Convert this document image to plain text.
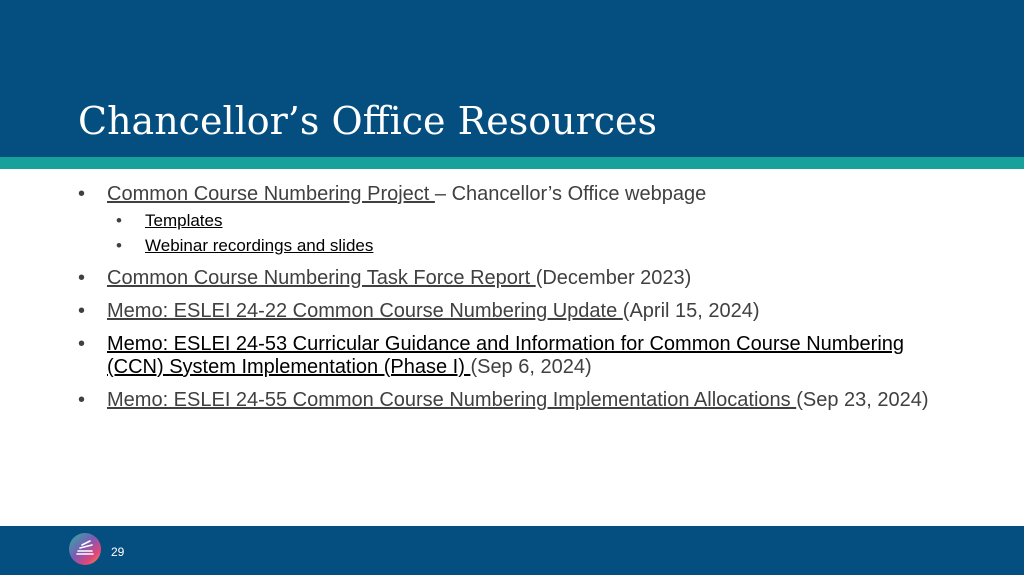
Chancellor’s Office Resources
• Common Course Numbering Project – Chancellor’s Office webpage
• Templates
• Webinar recordings and slides
• Common Course Numbering Task Force Report (December 2023)
• Memo: ESLEI 24-22 Common Course Numbering Update (April 15, 2024)
• Memo: ESLEI 24-53 Curricular Guidance and Information for Common Course Numbering (CCN) System Implementation (Phase I) (Sep 6, 2024)
• Memo: ESLEI 24-55 Common Course Numbering Implementation Allocations (Sep 23, 2024)
29
